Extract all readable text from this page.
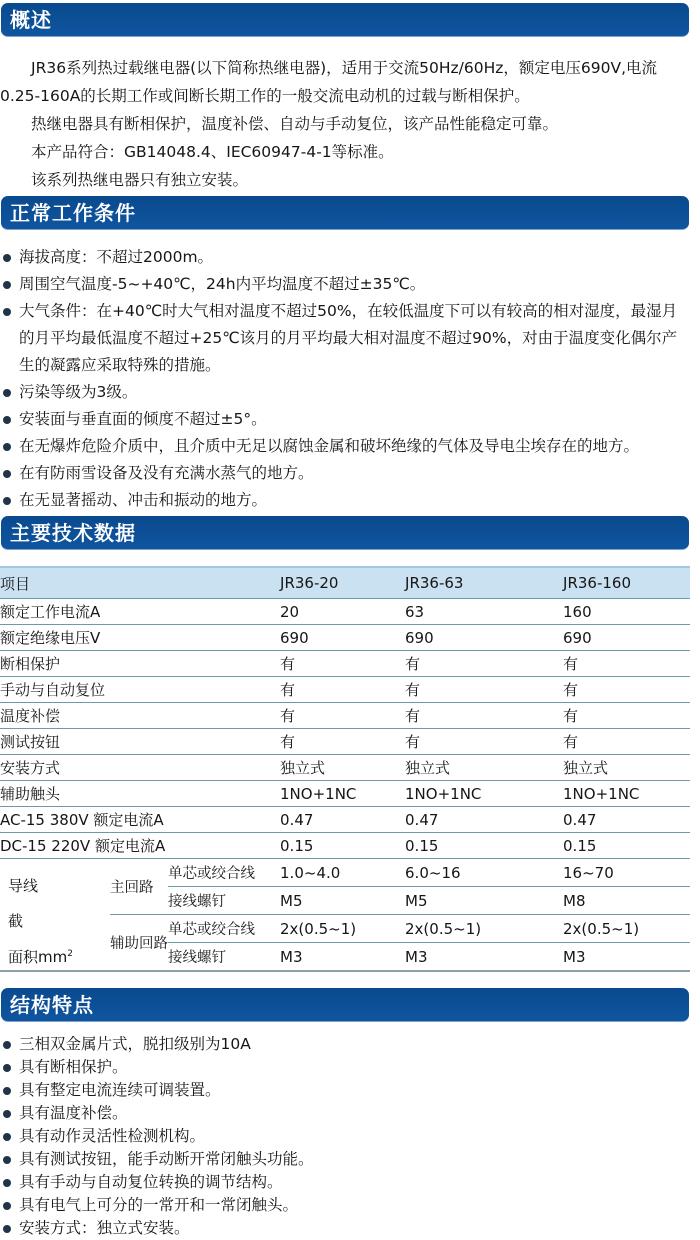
概述

JR36系列热过载继电器(以下简称热继电器)，适用于交流50Hz/60Hz，额定电压690V,电流0.25-160A的长期工作或间断长期工作的一般交流电动机的过载与断相保护。

热继电器具有断相保护，温度补偿、自动与手动复位，该产品性能稳定可靠。

本产品符合：GB14048.4、IEC60947-4-1等标准。

该系列热继电器只有独立安装。

正常工作条件
海拔高度：不超过2000m。
周围空气温度-5~+40℃，24h内平均温度不超过±35℃。
大气条件：在+40℃时大气相对温度不超过50%，在较低温度下可以有较高的相对湿度，最湿月的月平均最低温度不超过+25℃该月的月平均最大相对温度不超过90%，对由于温度变化偶尔产生的凝露应采取特殊的措施。
污染等级为3级。
安装面与垂直面的倾度不超过±5°。
在无爆炸危险介质中，且介质中无足以腐蚀金属和破坏绝缘的气体及导电尘埃存在的地方。
在有防雨雪设备及没有充满水蒸气的地方。
在无显著摇动、冲击和振动的地方。
主要技术数据
项目			JR36-20	JR36-63	JR36-160
额定工作电流A			20	63	160
额定绝缘电压V			690	690	690
断相保护			有	有	有
手动与自动复位			有	有	有
温度补偿			有	有	有
测试按钮			有	有	有
安装方式			独立式	独立式	独立式
辅助触头			1NO+1NC	1NO+1NC	1NO+1NC
AC-15 380V 额定电流A			0.47	0.47	0.47
DC-15 220V 额定电流A			0.15	0.15	0.15

导线
截
面积$mm^2$	主回路	单芯或绞合线	1.0~4.0	6.0~16	16~70
		接线螺钉	M5	M5	M8
	辅助回路	单芯或绞合线	2x(0.5~1)	2x(0.5~1)	2x(0.5~1)
		接线螺钉	M3	M3	M3
结构特点
三相双金属片式，脱扣级别为10A
具有断相保护。
具有整定电流连续可调装置。
具有温度补偿。
具有动作灵活性检测机构。
具有测试按钮，能手动断开常闭触头功能。
具有手动与自动复位转换的调节结构。
具有电气上可分的一常开和一常闭触头。
安装方式：独立式安装。
